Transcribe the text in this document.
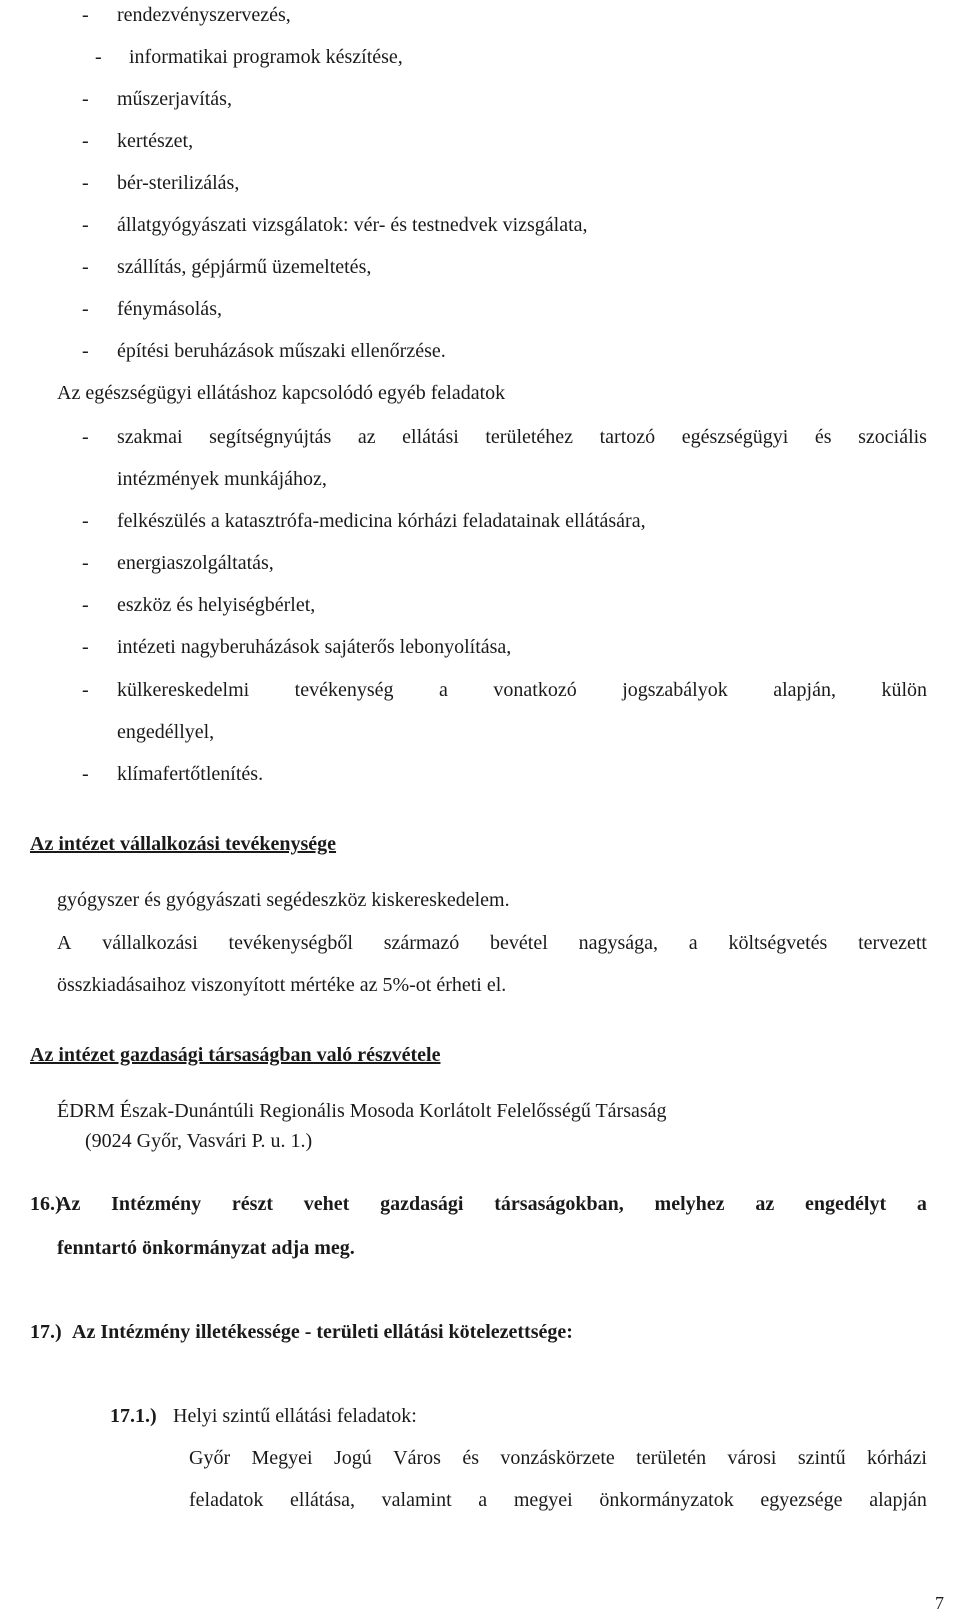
- rendezvényszervezés,
- informatikai programok készítése,
- műszerjavítás,
- kertészet,
- bér-sterilizálás,
- állatgyógyászati vizsgálatok: vér- és testnedvek vizsgálata,
- szállítás, gépjármű üzemeltetés,
- fénymásolás,
- építési beruházások műszaki ellenőrzése.
Az egészségügyi ellátáshoz kapcsolódó egyéb feladatok
- szakmai segítségnyújtás az ellátási területéhez tartozó egészségügyi és szociális
intézmények munkájához,
- felkészülés a katasztrófa-medicina kórházi feladatainak ellátására,
- energiaszolgáltatás,
- eszköz és helyiségbérlet,
- intézeti nagyberuházások sajáterős lebonyolítása,
- külkereskedelmi tevékenység a vonatkozó jogszabályok alapján, külön
engedéllyel,
- klímafertőtlenítés.
Az intézet vállalkozási tevékenysége
gyógyszer és gyógyászati segédeszköz kiskereskedelem.
A vállalkozási tevékenységből származó bevétel nagysága, a költségvetés tervezett
összkiadásaihoz viszonyított mértéke az 5%-ot érheti el.
Az intézet gazdasági társaságban való részvétele
ÉDRM Észak-Dunántúli Regionális Mosoda Korlátolt Felelősségű Társaság
(9024 Győr, Vasvári P. u. 1.)
16.)
Az Intézmény részt vehet gazdasági társaságokban, melyhez az engedélyt a
fenntartó önkormányzat adja meg.
17.) Az Intézmény illetékessége - területi ellátási kötelezettsége:
17.1.) Helyi szintű ellátási feladatok:
Győr Megyei Jogú Város és vonzáskörzete területén városi szintű kórházi
feladatok ellátása, valamint a megyei önkormányzatok egyezsége alapján
7
